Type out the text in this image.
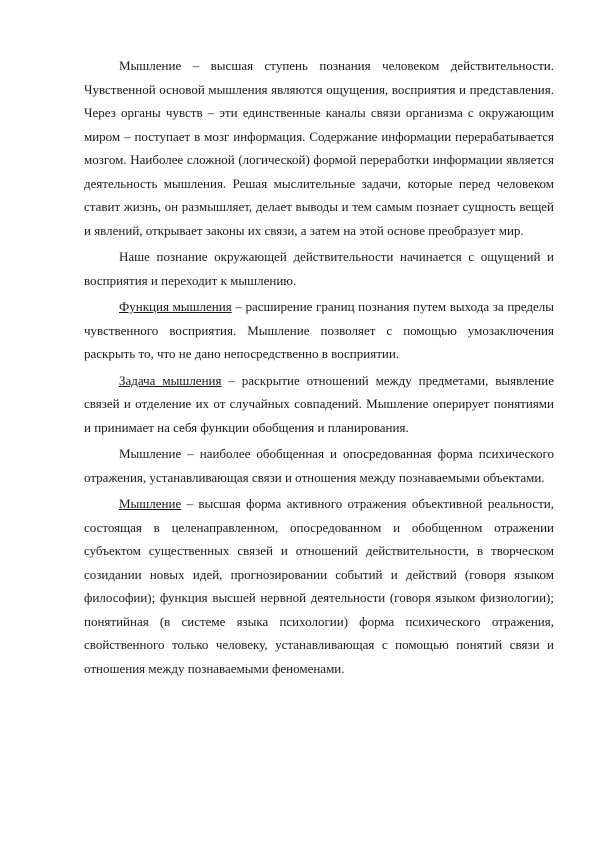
Мышление – высшая ступень познания человеком действительности. Чувственной основой мышления являются ощущения, восприятия и представления. Через органы чувств – эти единственные каналы связи организма с окружающим миром – поступает в мозг информация. Содержание информации перерабатывается мозгом. Наиболее сложной (логической) формой переработки информации является деятельность мышления. Решая мыслительные задачи, которые перед человеком ставит жизнь, он размышляет, делает выводы и тем самым познает сущность вещей и явлений, открывает законы их связи, а затем на этой основе преобразует мир.

Наше познание окружающей действительности начинается с ощущений и восприятия и переходит к мышлению.

Функция мышления – расширение границ познания путем выхода за пределы чувственного восприятия. Мышление позволяет с помощью умозаключения раскрыть то, что не дано непосредственно в восприятии.

Задача мышления – раскрытие отношений между предметами, выявление связей и отделение их от случайных совпадений. Мышление оперирует понятиями и принимает на себя функции обобщения и планирования.

Мышление – наиболее обобщенная и опосредованная форма психического отражения, устанавливающая связи и отношения между познаваемыми объектами.

Мышление – высшая форма активного отражения объективной реальности, состоящая в целенаправленном, опосредованном и обобщенном отражении субъектом существенных связей и отношений действительности, в творческом созидании новых идей, прогнозировании событий и действий (говоря языком философии); функция высшей нервной деятельности (говоря языком физиологии); понятийная (в системе языка психологии) форма психического отражения, свойственного только человеку, устанавливающая с помощью понятий связи и отношения между познаваемыми феноменами.
